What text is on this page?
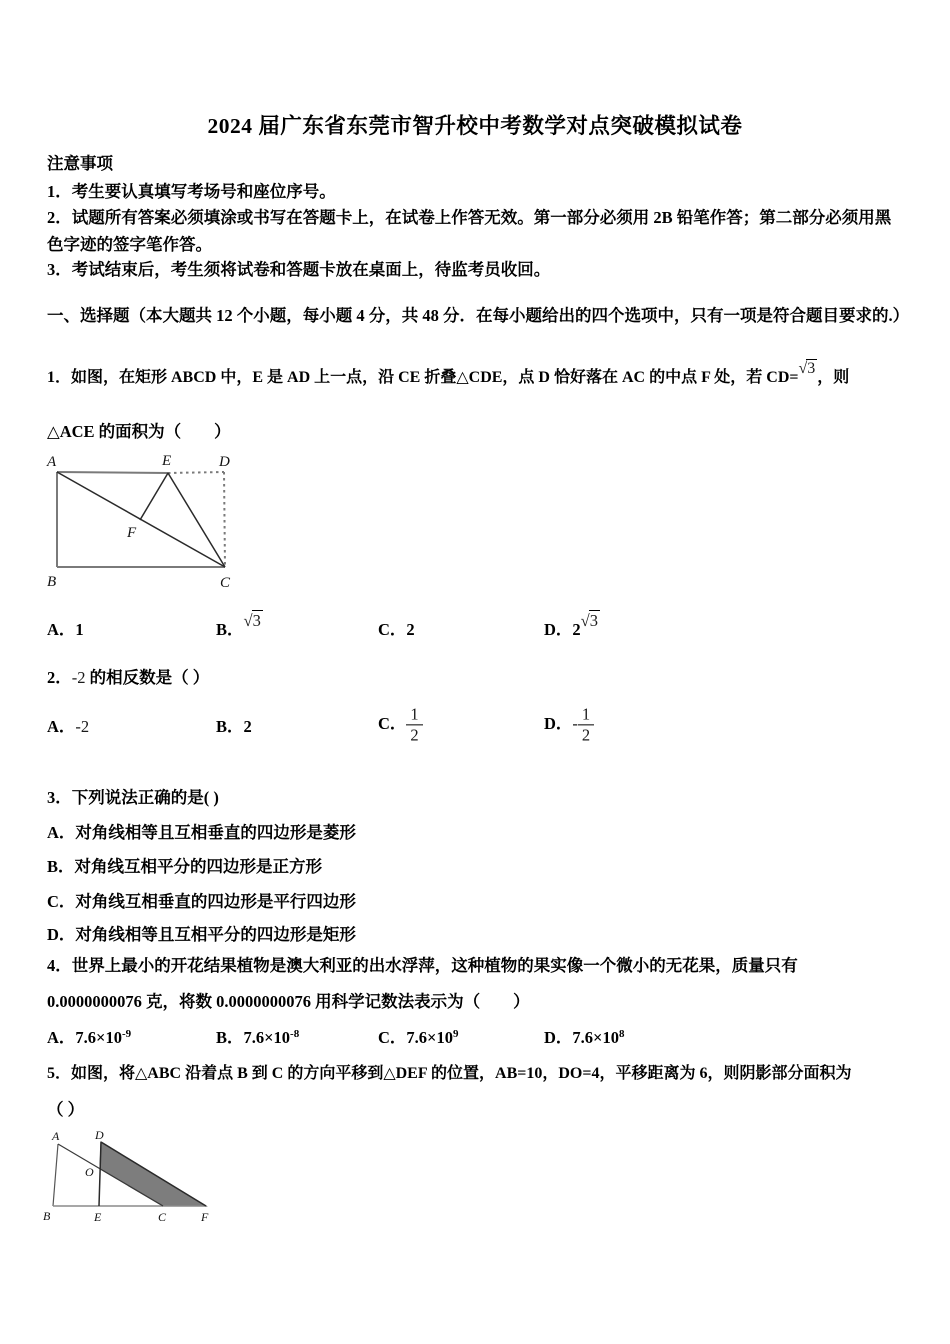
2024 届广东省东莞市智升校中考数学对点突破模拟试卷
注意事项
1．考生要认真填写考场号和座位序号。
2．试题所有答案必须填涂或书写在答题卡上，在试卷上作答无效。第一部分必须用 2B 铅笔作答；第二部分必须用黑色字迹的签字笔作答。
3．考试结束后，考生须将试卷和答题卡放在桌面上，待监考员收回。
一、选择题（本大题共 12 个小题，每小题 4 分，共 48 分．在每小题给出的四个选项中，只有一项是符合题目要求的.）
1．如图，在矩形 ABCD 中，E 是 AD 上一点，沿 CE 折叠△CDE，点 D 恰好落在 AC 的中点 F 处，若 CD=√3，则
△ACE 的面积为（　　）
A	E	D
B	C
F
A．1	B．√3	C．2	D．2√3
2．-2 的相反数是（ ）
A．-2	B．2	C． $\frac{1}{2}$	D．- $\frac{1}{2}$
3．下列说法正确的是( )
A．对角线相等且互相垂直的四边形是菱形
B．对角线互相平分的四边形是正方形
C．对角线互相垂直的四边形是平行四边形
D．对角线相等且互相平分的四边形是矩形
4．世界上最小的开花结果植物是澳大利亚的出水浮萍，这种植物的果实像一个微小的无花果，质量只有
0.0000000076 克，将数 0.0000000076 用科学记数法表示为（　　）
A．$7.6\times 10^{-9}$	B．$7.6\times 10^{-8}$	C．$7.6\times 10^9$	D．$7.6\times 10^8$
5．如图，将△ABC 沿着点 B 到 C 的方向平移到△DEF 的位置，AB=10，DO=4，平移距离为 6，则阴影部分面积为
（ ）
A	D
B	E	C	F
O
